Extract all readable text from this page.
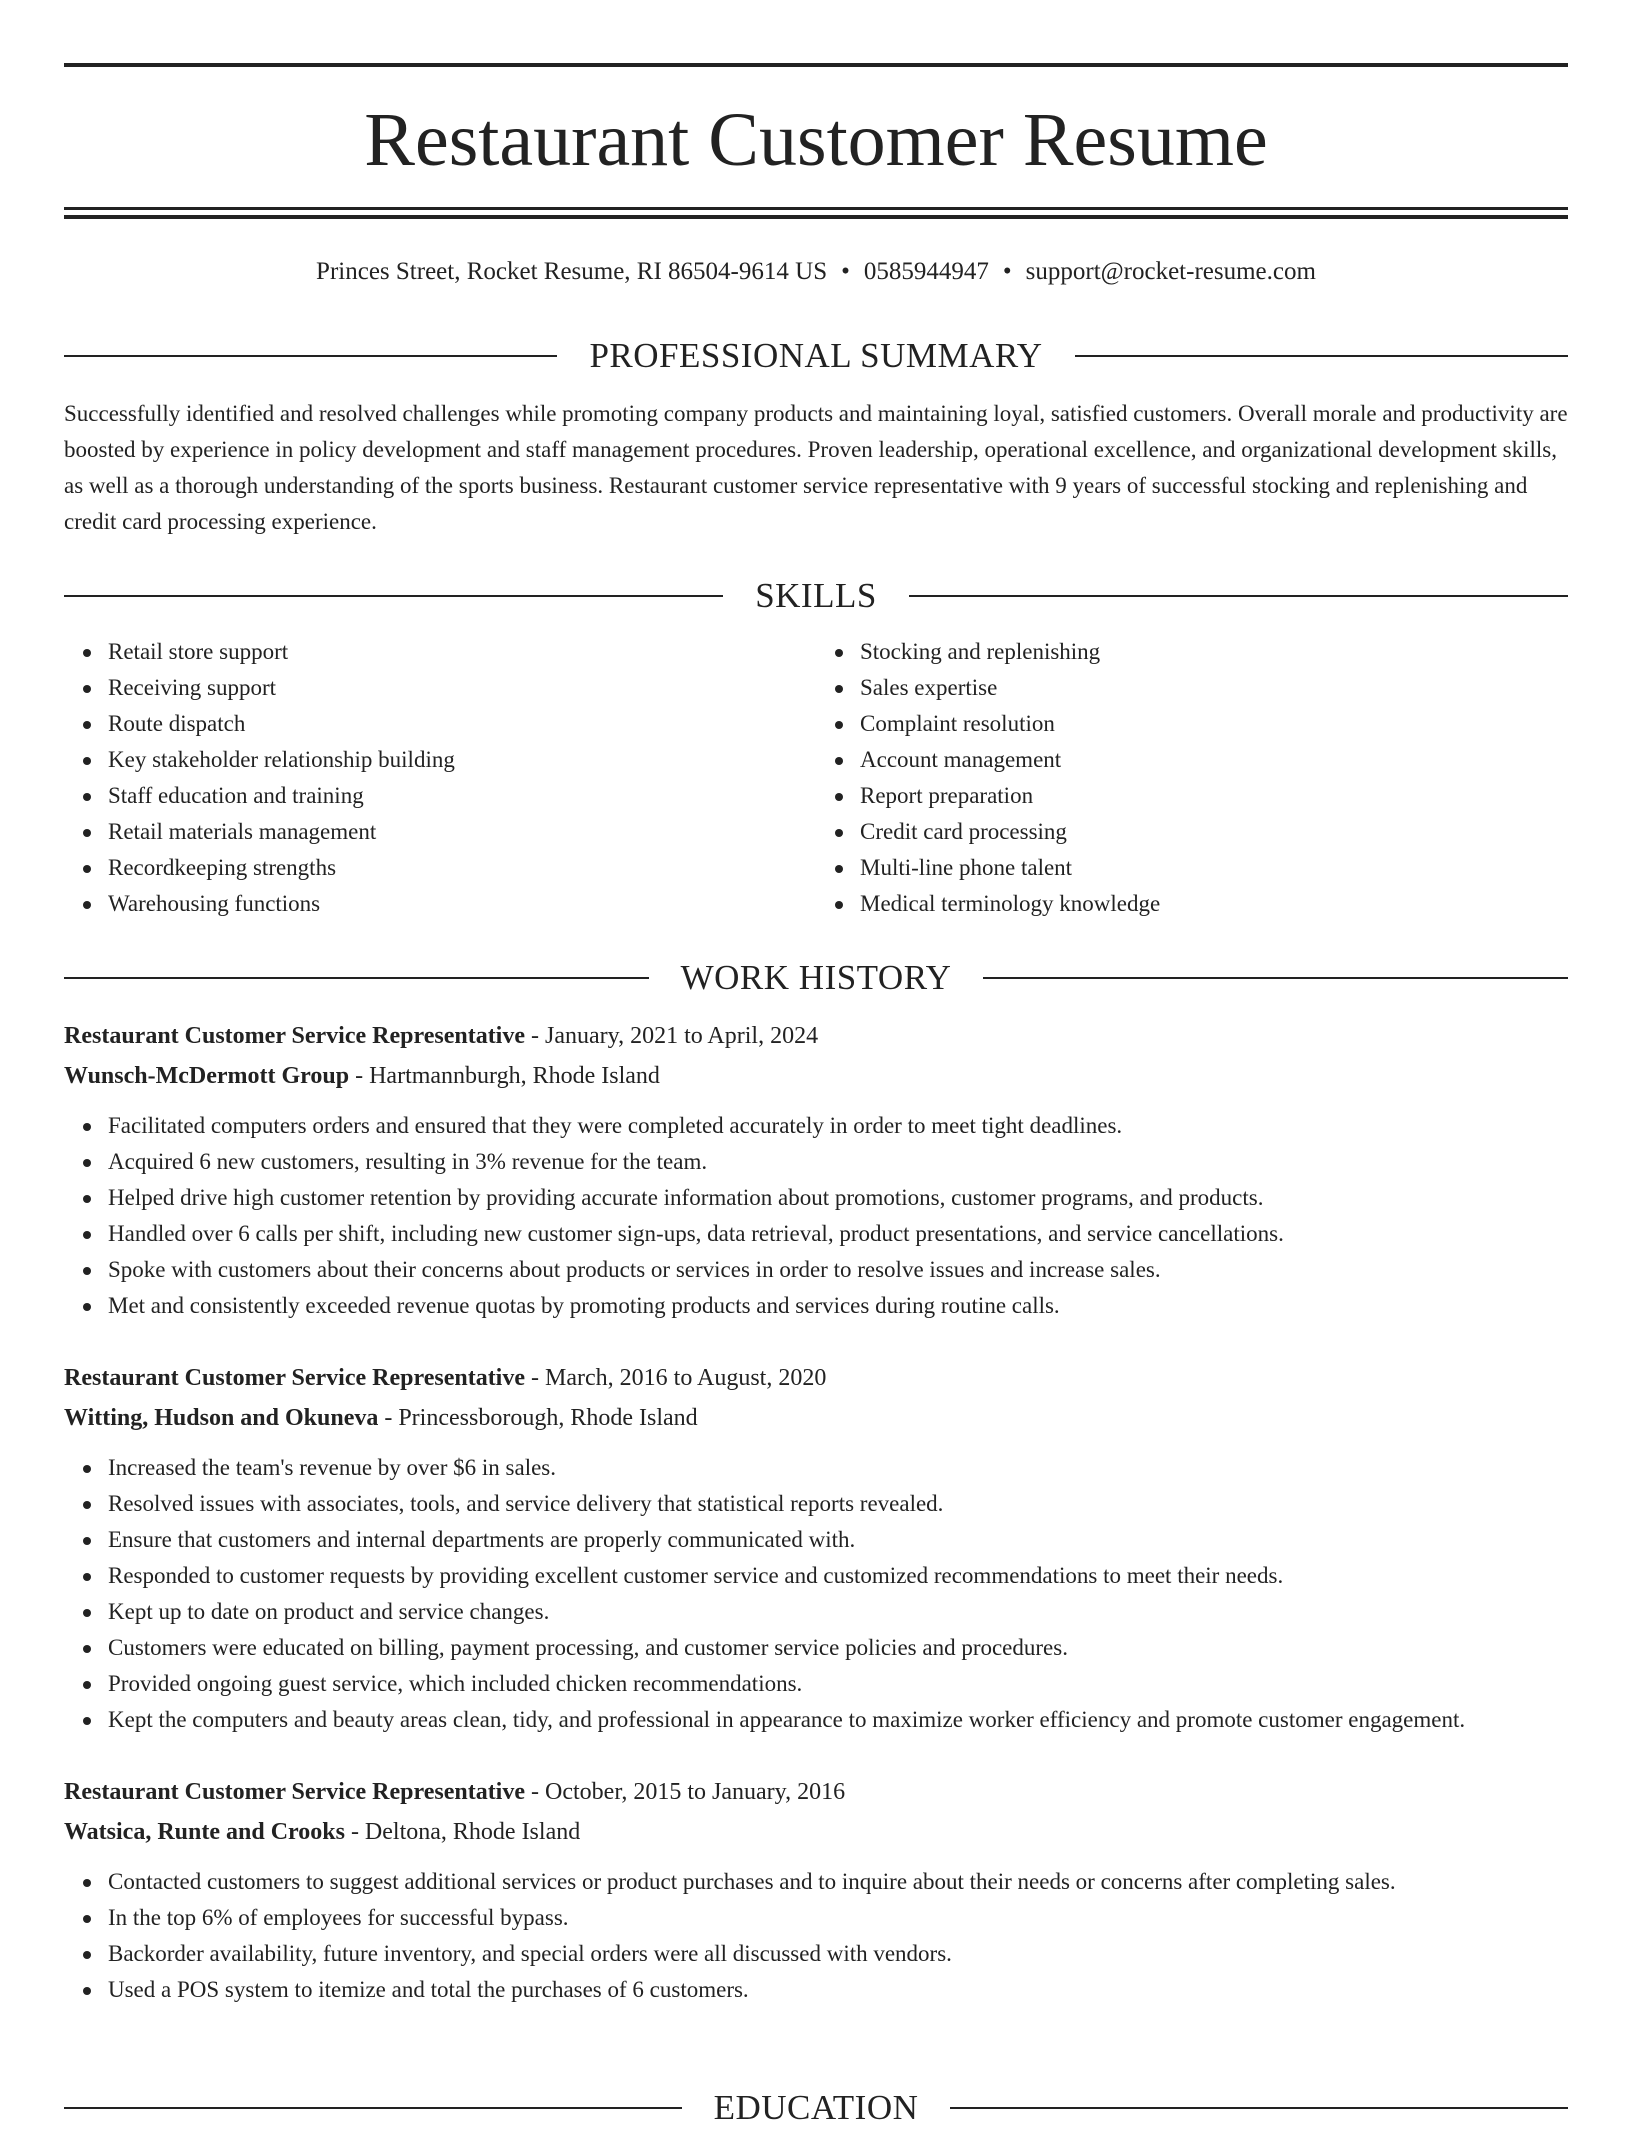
Restaurant Customer Resume
Princes Street, Rocket Resume, RI 86504-9614 US • 0585944947 • support@rocket-resume.com
PROFESSIONAL SUMMARY

Successfully identified and resolved challenges while promoting company products and maintaining loyal, satisfied customers. Overall morale and productivity are boosted by experience in policy development and staff management procedures. Proven leadership, operational excellence, and organizational development skills, as well as a thorough understanding of the sports business. Restaurant customer service representative with 9 years of successful stocking and replenishing and credit card processing experience.

SKILLS
Retail store support
Receiving support
Route dispatch
Key stakeholder relationship building
Staff education and training
Retail materials management
Recordkeeping strengths
Warehousing functions
Stocking and replenishing
Sales expertise
Complaint resolution
Account management
Report preparation
Credit card processing
Multi-line phone talent
Medical terminology knowledge
WORK HISTORY
Restaurant Customer Service Representative - January, 2021 to April, 2024
Wunsch-McDermott Group - Hartmannburgh, Rhode Island
Facilitated computers orders and ensured that they were completed accurately in order to meet tight deadlines.
Acquired 6 new customers, resulting in 3% revenue for the team.
Helped drive high customer retention by providing accurate information about promotions, customer programs, and products.
Handled over 6 calls per shift, including new customer sign-ups, data retrieval, product presentations, and service cancellations.
Spoke with customers about their concerns about products or services in order to resolve issues and increase sales.
Met and consistently exceeded revenue quotas by promoting products and services during routine calls.
Restaurant Customer Service Representative - March, 2016 to August, 2020
Witting, Hudson and Okuneva - Princessborough, Rhode Island
Increased the team's revenue by over $6 in sales.
Resolved issues with associates, tools, and service delivery that statistical reports revealed.
Ensure that customers and internal departments are properly communicated with.
Responded to customer requests by providing excellent customer service and customized recommendations to meet their needs.
Kept up to date on product and service changes.
Customers were educated on billing, payment processing, and customer service policies and procedures.
Provided ongoing guest service, which included chicken recommendations.
Kept the computers and beauty areas clean, tidy, and professional in appearance to maximize worker efficiency and promote customer engagement.
Restaurant Customer Service Representative - October, 2015 to January, 2016
Watsica, Runte and Crooks - Deltona, Rhode Island
Contacted customers to suggest additional services or product purchases and to inquire about their needs or concerns after completing sales.
In the top 6% of employees for successful bypass.
Backorder availability, future inventory, and special orders were all discussed with vendors.
Used a POS system to itemize and total the purchases of 6 customers.
EDUCATION
